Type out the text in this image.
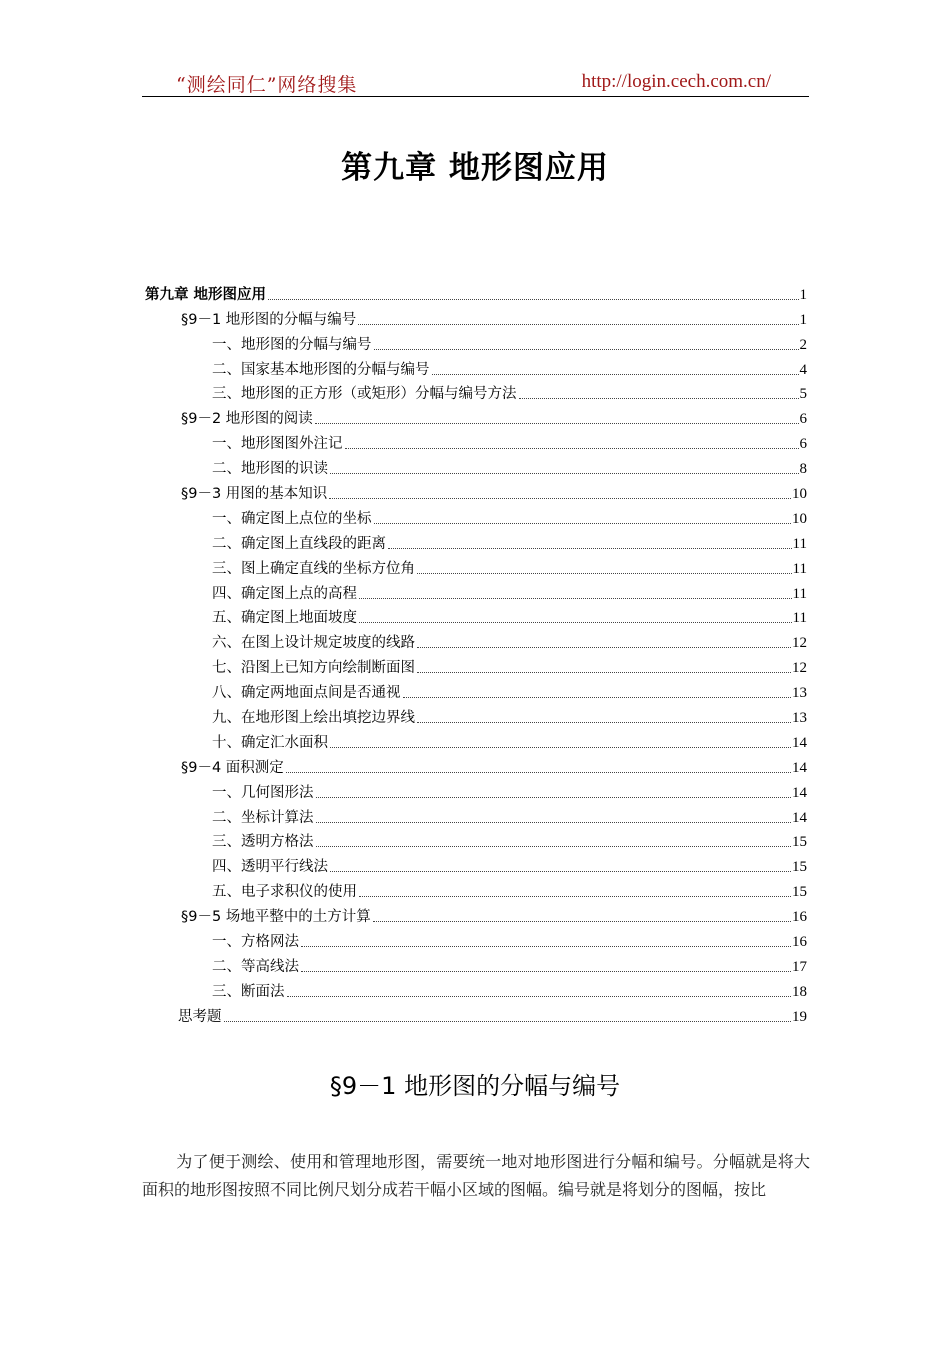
“测绘同仁”网络搜集	http://login.cech.com.cn/
第九章 地形图应用
第九章 地形图应用	1
§9－1 地形图的分幅与编号	1
一、地形图的分幅与编号	2
二、国家基本地形图的分幅与编号	4
三、地形图的正方形（或矩形）分幅与编号方法	5
§9－2 地形图的阅读	6
一、地形图图外注记	6
二、地形图的识读	8
§9－3 用图的基本知识	10
一、确定图上点位的坐标	10
二、确定图上直线段的距离	11
三、图上确定直线的坐标方位角	11
四、确定图上点的高程	11
五、确定图上地面坡度	11
六、在图上设计规定坡度的线路	12
七、沿图上已知方向绘制断面图	12
八、确定两地面点间是否通视	13
九、在地形图上绘出填挖边界线	13
十、确定汇水面积	14
§9－4 面积测定	14
一、几何图形法	14
二、坐标计算法	14
三、透明方格法	15
四、透明平行线法	15
五、电子求积仪的使用	15
§9－5 场地平整中的土方计算	16
一、方格网法	16
二、等高线法	17
三、断面法	18
思考题	19
§9－1 地形图的分幅与编号
为了便于测绘、使用和管理地形图，需要统一地对地形图进行分幅和编号。分幅就是将大面积的地形图按照不同比例尺划分成若干幅小区域的图幅。编号就是将划分的图幅，按比
